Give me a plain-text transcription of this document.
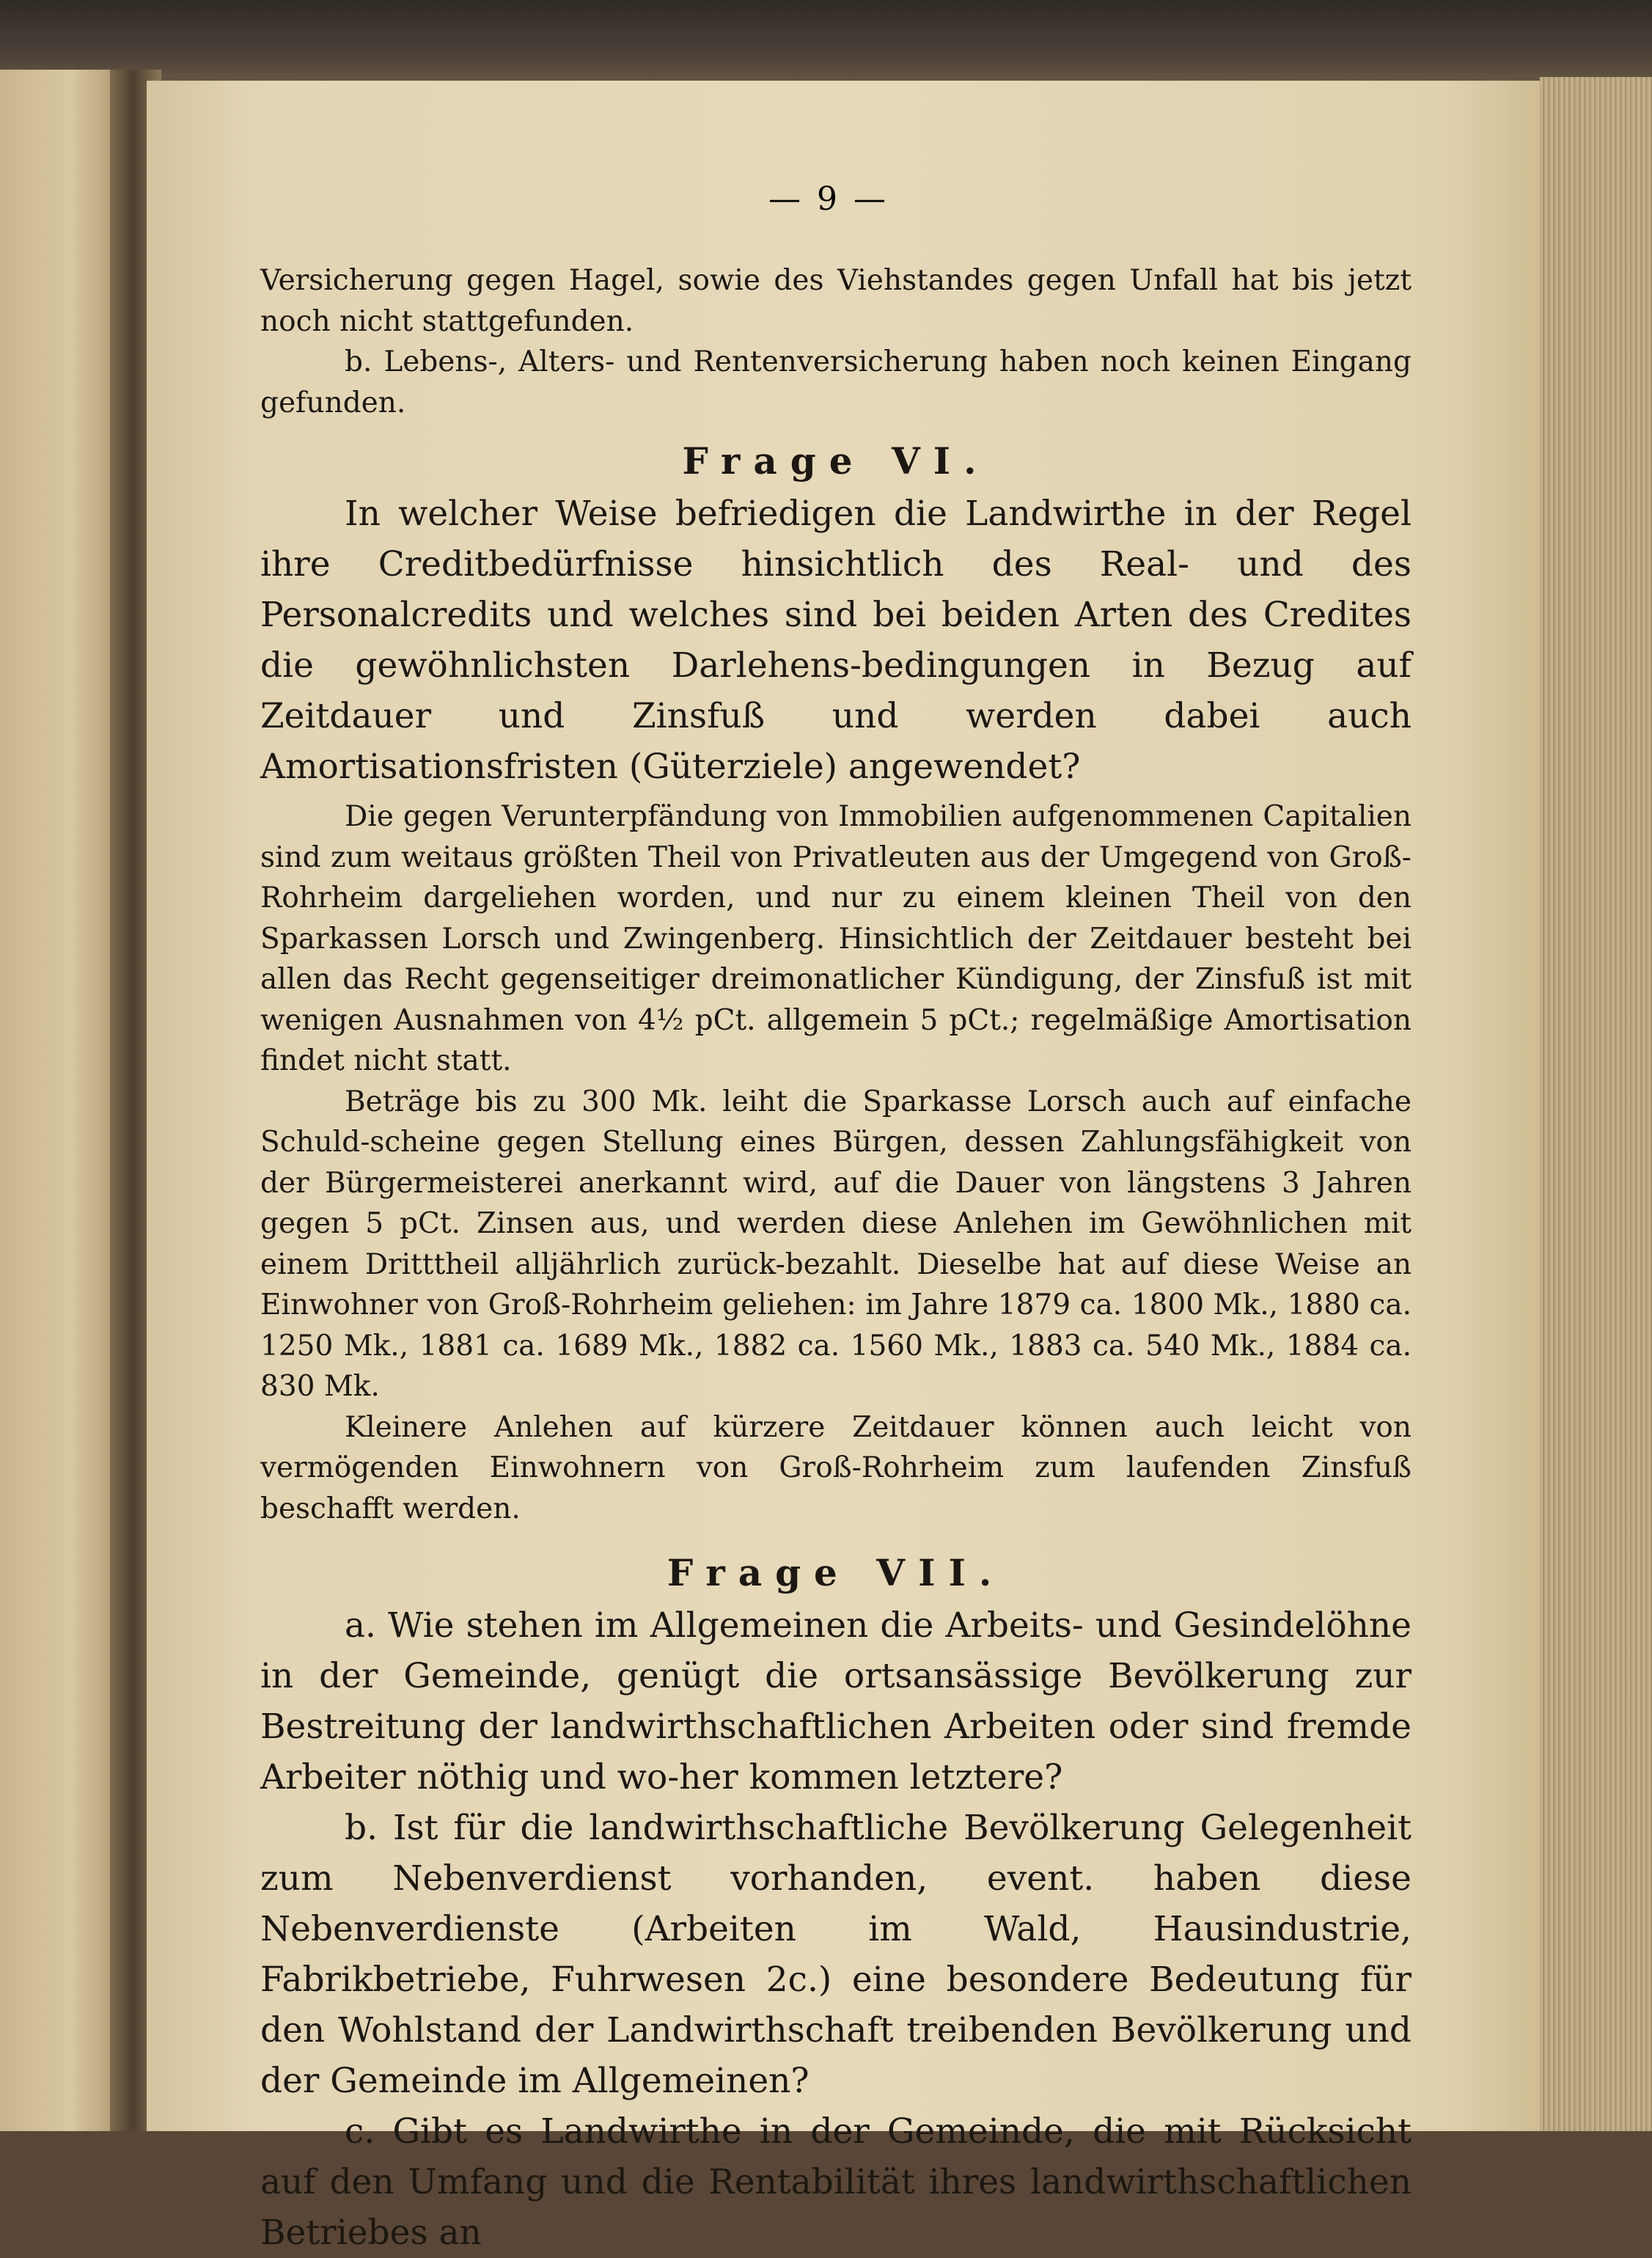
— 9 —

Versicherung gegen Hagel, sowie des Viehstandes gegen Unfall hat bis jetzt noch nicht stattgefunden.

b. Lebens-, Alters- und Rentenversicherung haben noch keinen Eingang gefunden.

Frage VI.

In welcher Weise befriedigen die Landwirthe in der Regel ihre Creditbedürfnisse hinsichtlich des Real- und des Personalcredits und welches sind bei beiden Arten des Credites die gewöhnlichsten Darlehens-bedingungen in Bezug auf Zeitdauer und Zinsfuß und werden dabei auch Amortisationsfristen (Güterziele) angewendet?

Die gegen Verunterpfändung von Immobilien aufgenommenen Capitalien sind zum weitaus größten Theil von Privatleuten aus der Umgegend von Groß-Rohrheim dargeliehen worden, und nur zu einem kleinen Theil von den Sparkassen Lorsch und Zwingenberg. Hinsichtlich der Zeitdauer besteht bei allen das Recht gegenseitiger dreimonatlicher Kündigung, der Zinsfuß ist mit wenigen Ausnahmen von 4½ pCt. allgemein 5 pCt.; regelmäßige Amortisation findet nicht statt.

Beträge bis zu 300 Mk. leiht die Sparkasse Lorsch auch auf einfache Schuld-scheine gegen Stellung eines Bürgen, dessen Zahlungsfähigkeit von der Bürgermeisterei anerkannt wird, auf die Dauer von längstens 3 Jahren gegen 5 pCt. Zinsen aus, und werden diese Anlehen im Gewöhnlichen mit einem Dritttheil alljährlich zurück-bezahlt. Dieselbe hat auf diese Weise an Einwohner von Groß-Rohrheim geliehen: im Jahre 1879 ca. 1800 Mk., 1880 ca. 1250 Mk., 1881 ca. 1689 Mk., 1882 ca. 1560 Mk., 1883 ca. 540 Mk., 1884 ca. 830 Mk.

Kleinere Anlehen auf kürzere Zeitdauer können auch leicht von vermögenden Einwohnern von Groß-Rohrheim zum laufenden Zinsfuß beschafft werden.

Frage VII.

a. Wie stehen im Allgemeinen die Arbeits- und Gesindelöhne in der Gemeinde, genügt die ortsansässige Bevölkerung zur Bestreitung der landwirthschaftlichen Arbeiten oder sind fremde Arbeiter nöthig und wo-her kommen letztere?

b. Ist für die landwirthschaftliche Bevölkerung Gelegenheit zum Nebenverdienst vorhanden, event. haben diese Nebenverdienste (Arbeiten im Wald, Hausindustrie, Fabrikbetriebe, Fuhrwesen 2c.) eine besondere Bedeutung für den Wohlstand der Landwirthschaft treibenden Bevölkerung und der Gemeinde im Allgemeinen?

c. Gibt es Landwirthe in der Gemeinde, die mit Rücksicht auf den Umfang und die Rentabilität ihres landwirthschaftlichen Betriebes an
